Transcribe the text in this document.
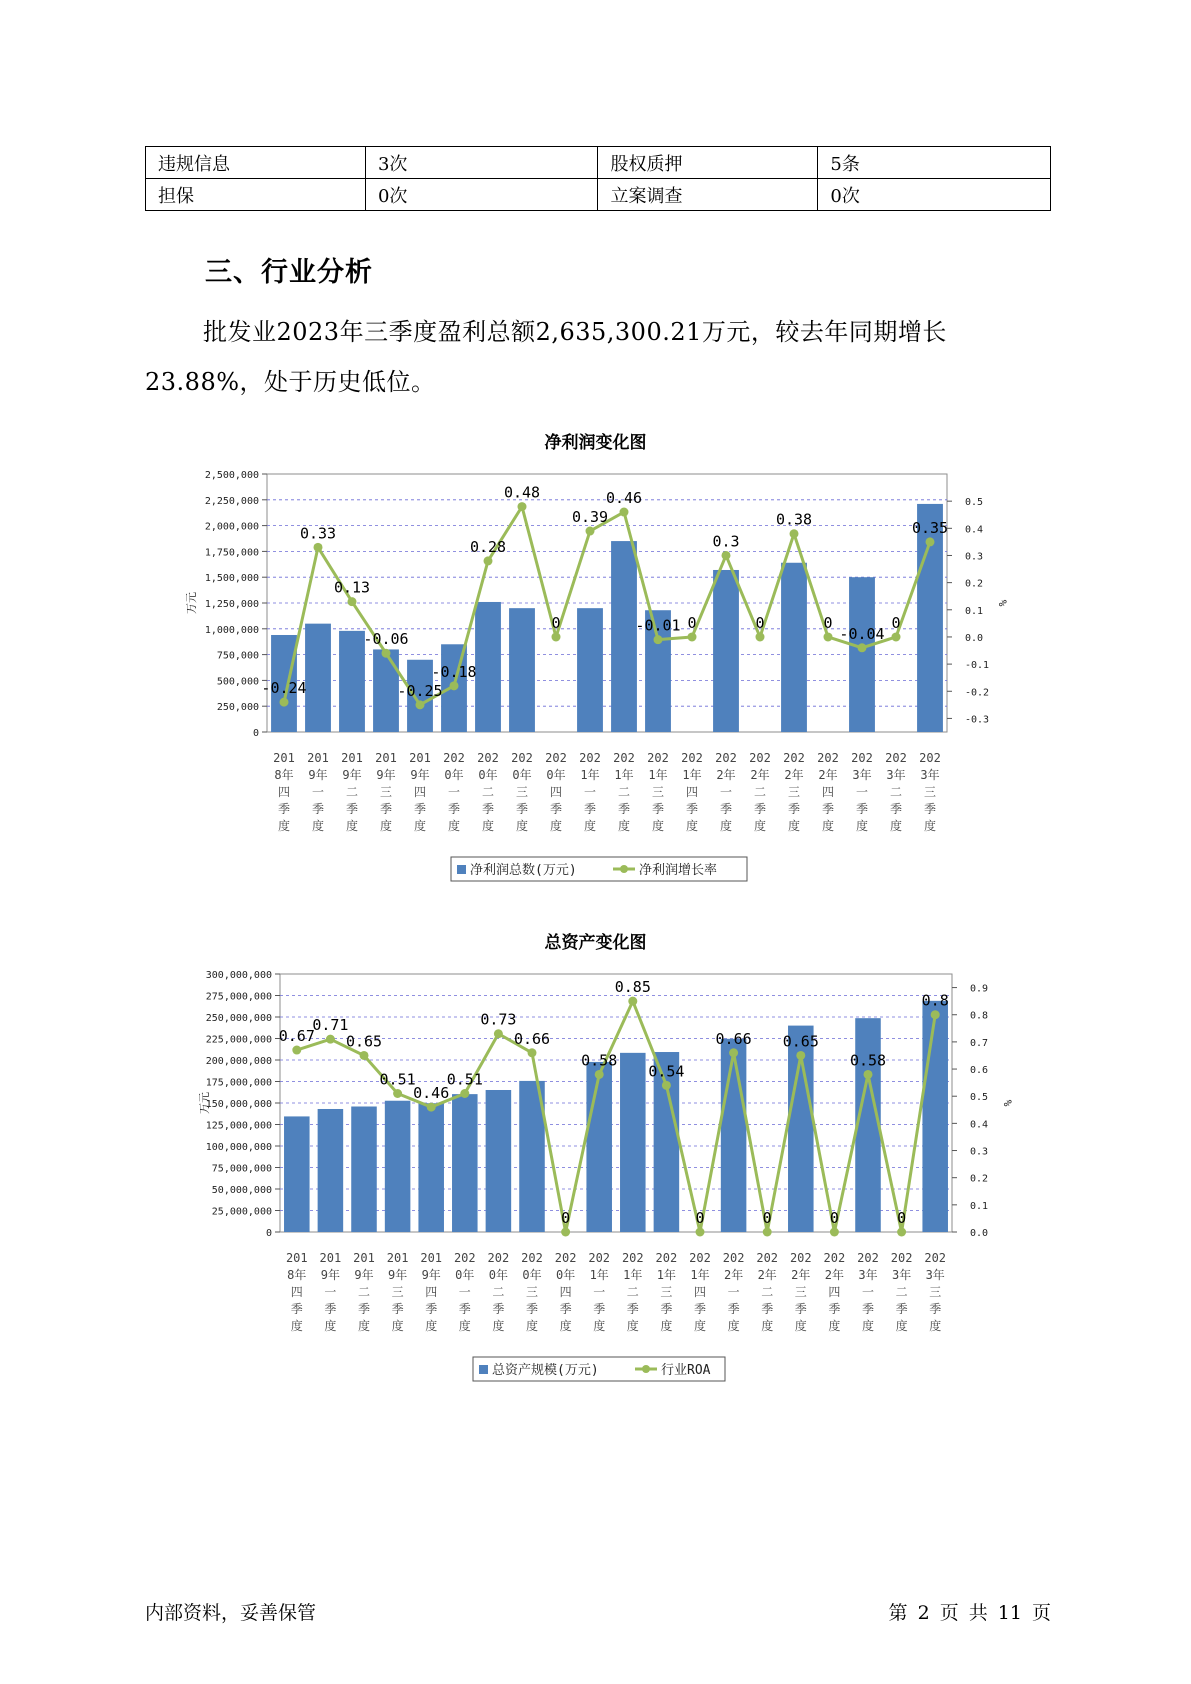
违规信息	3次	股权质押	5条
担保	0次	立案调查	0次
三、行业分析

批发业2023年三季度盈利总额2,635,300.21万元，较去年同期增长23.88%，处于历史低位。

净利润变化图
0
250,000
500,000
750,000
1,000,000
1,250,000
1,500,000
1,750,000
2,000,000
2,250,000
2,500,000
-0.3
-0.2
-0.1
0.0
0.1
0.2
0.3
0.4
0.5
万元	%
-0.24
0.33
0.13
-0.06
-0.25
-0.18
0.28
0.48
0
0.39
0.46
-0.01 0
0.3
0
0.38
0
-0.04
0
0.35
201
8年
四
季
度
201
9年
一
季
度
201
9年
二
季
度
201
9年
三
季
度
201
9年
四
季
度
202
0年
一
季
度
202
0年
二
季
度
202
0年
三
季
度
202
0年
四
季
度
202
1年
一
季
度
202
1年
二
季
度
202
1年
三
季
度
202
1年
四
季
度
202
2年
一
季
度
202
2年
二
季
度
202
2年
三
季
度
202
2年
四
季
度
202
3年
一
季
度
202
3年
二
季
度
202
3年
三
季
度
净利润总数(万元)	净利润增长率
总资产变化图
0
25,000,000
50,000,000
75,000,000
100,000,000
125,000,000
150,000,000
175,000,000
200,000,000
225,000,000
250,000,000
275,000,000
300,000,000
0.0
0.1
0.2
0.3
0.4
0.5
0.6
0.7
0.8
0.9
万元	%
0.67
0.71
0.65
0.51
0.46
0.51
0.73
0.66
0
0.58
0.85
0.54
0
0.66
0
0.65
0
0.58
0
0.8
201
8年
四
季
度
201
9年
一
季
度
201
9年
二
季
度
201
9年
三
季
度
201
9年
四
季
度
202
0年
一
季
度
202
0年
二
季
度
202
0年
三
季
度
202
0年
四
季
度
202
1年
一
季
度
202
1年
二
季
度
202
1年
三
季
度
202
1年
四
季
度
202
2年
一
季
度
202
2年
二
季
度
202
2年
三
季
度
202
2年
四
季
度
202
3年
一
季
度
202
3年
二
季
度
202
3年
三
季
度
总资产规模(万元)	行业ROA
内部资料，妥善保管	第 2 页 共 11 页
